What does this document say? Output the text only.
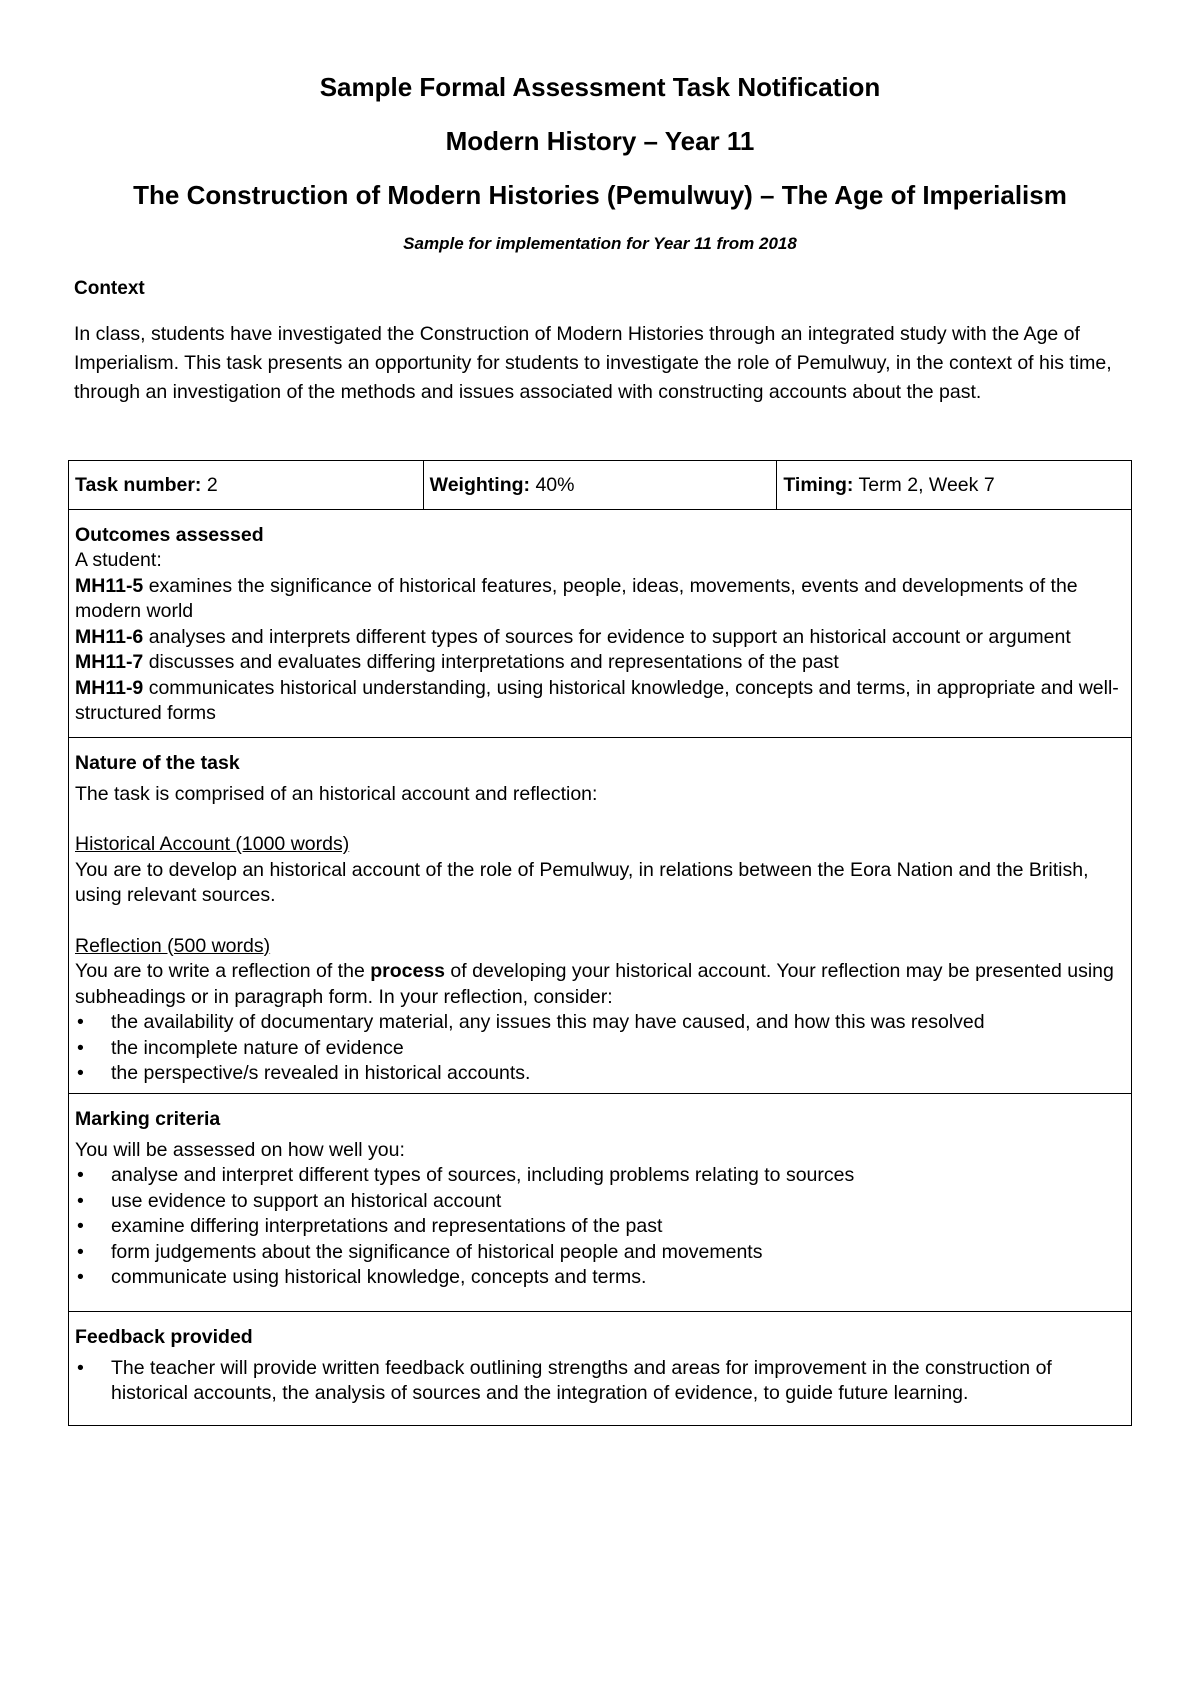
Sample Formal Assessment Task Notification
Modern History – Year 11
The Construction of Modern Histories (Pemulwuy) – The Age of Imperialism
Sample for implementation for Year 11 from 2018
Context
In class, students have investigated the Construction of Modern Histories through an integrated study with the Age of Imperialism. This task presents an opportunity for students to investigate the role of Pemulwuy, in the context of his time, through an investigation of the methods and issues associated with constructing accounts about the past.
Task number: 2	Weighting: 40%	Timing: Term 2, Week 7

Outcomes assessed
A student:
MH11-5 examines the significance of historical features, people, ideas, movements, events and developments of the modern world
MH11-6 analyses and interprets different types of sources for evidence to support an historical account or argument
MH11-7 discusses and evaluates differing interpretations and representations of the past
MH11-9 communicates historical understanding, using historical knowledge, concepts and terms, in appropriate and well-structured forms

Nature of the task
The task is comprised of an historical account and reflection:
Historical Account (1000 words)
You are to develop an historical account of the role of Pemulwuy, in relations between the Eora Nation and the British, using relevant sources.
Reflection (500 words)
You are to write a reflection of the process of developing your historical account. Your reflection may be presented using subheadings or in paragraph form. In your reflection, consider:
• the availability of documentary material, any issues this may have caused, and how this was resolved
• the incomplete nature of evidence
• the perspective/s revealed in historical accounts.

Marking criteria
You will be assessed on how well you:
• analyse and interpret different types of sources, including problems relating to sources
• use evidence to support an historical account
• examine differing interpretations and representations of the past
• form judgements about the significance of historical people and movements
• communicate using historical knowledge, concepts and terms.

Feedback provided
• The teacher will provide written feedback outlining strengths and areas for improvement in the construction of historical accounts, the analysis of sources and the integration of evidence, to guide future learning.
